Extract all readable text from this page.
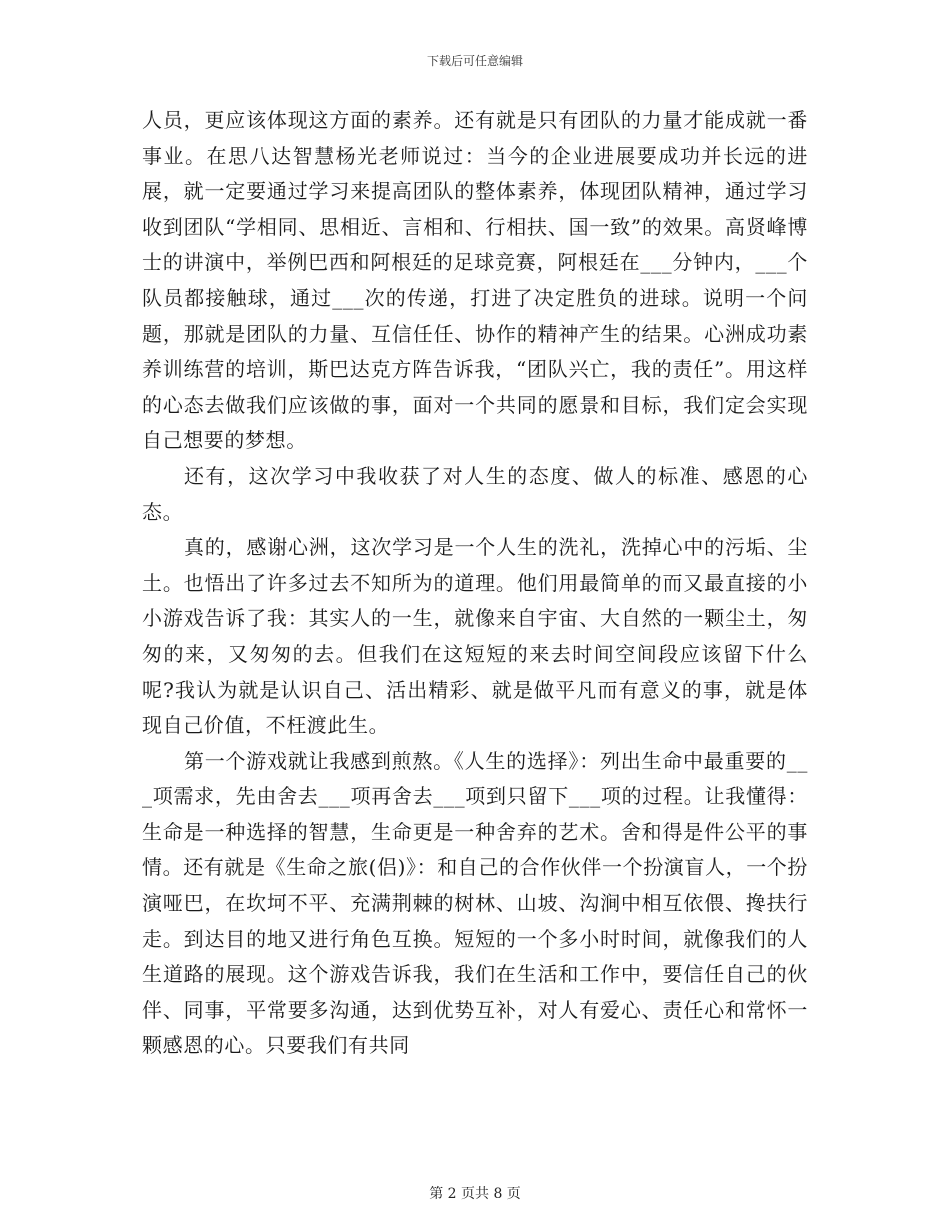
下载后可任意编辑

人员，更应该体现这方面的素养。还有就是只有团队的力量才能成就一番事业。在思八达智慧杨光老师说过：当今的企业进展要成功并长远的进展，就一定要通过学习来提高团队的整体素养，体现团队精神，通过学习收到团队“学相同、思相近、言相和、行相扶、国一致”的效果。高贤峰博士的讲演中，举例巴西和阿根廷的足球竞赛，阿根廷在___分钟内，___个队员都接触球，通过___次的传递，打进了决定胜负的进球。说明一个问题，那就是团队的力量、互信任任、协作的精神产生的结果。心洲成功素养训练营的培训，斯巴达克方阵告诉我，“团队兴亡，我的责任”。用这样的心态去做我们应该做的事，面对一个共同的愿景和目标，我们定会实现自己想要的梦想。

还有，这次学习中我收获了对人生的态度、做人的标准、感恩的心态。

真的，感谢心洲，这次学习是一个人生的洗礼，洗掉心中的污垢、尘土。也悟出了许多过去不知所为的道理。他们用最简单的而又最直接的小小游戏告诉了我：其实人的一生，就像来自宇宙、大自然的一颗尘土，匆匆的来，又匆匆的去。但我们在这短短的来去时间空间段应该留下什么呢?我认为就是认识自己、活出精彩、就是做平凡而有意义的事，就是体现自己价值，不枉渡此生。

第一个游戏就让我感到煎熬。《人生的选择》：列出生命中最重要的___项需求，先由舍去___项再舍去___项到只留下___项的过程。让我懂得：生命是一种选择的智慧，生命更是一种舍弃的艺术。舍和得是件公平的事情。还有就是《生命之旅(侣)》：和自己的合作伙伴一个扮演盲人，一个扮演哑巴，在坎坷不平、充满荆棘的树林、山坡、沟涧中相互依偎、搀扶行走。到达目的地又进行角色互换。短短的一个多小时时间，就像我们的人生道路的展现。这个游戏告诉我，我们在生活和工作中，要信任自己的伙伴、同事，平常要多沟通，达到优势互补，对人有爱心、责任心和常怀一颗感恩的心。只要我们有共同

第 2 页共 8 页
